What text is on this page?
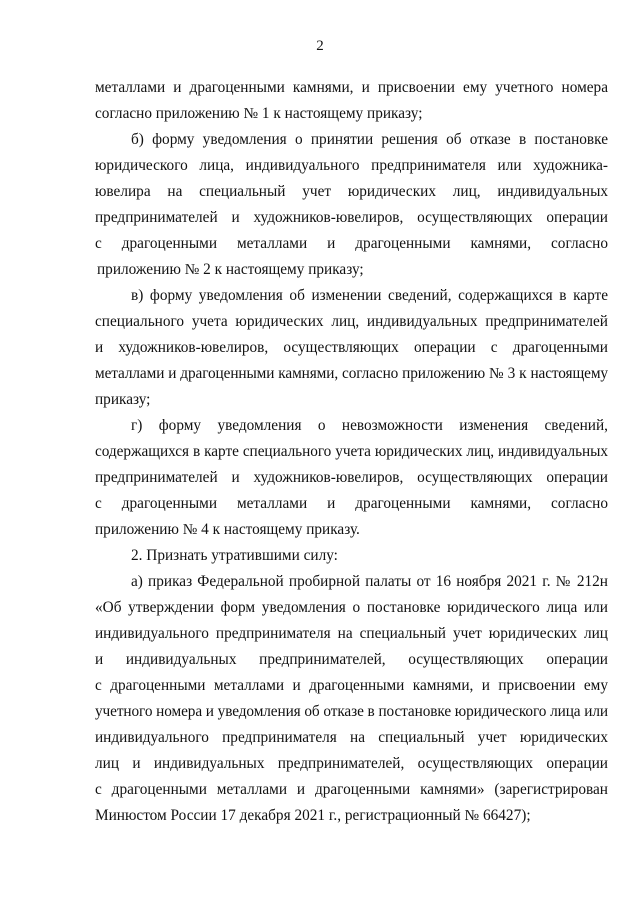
2
металлами и драгоценными камнями, и присвоении ему учетного номера
согласно приложению № 1 к настоящему приказу;
б) форму уведомления о принятии решения об отказе в постановке
юридического лица, индивидуального предпринимателя или художника-
ювелира на специальный учет юридических лиц, индивидуальных
предпринимателей и художников-ювелиров, осуществляющих операции
с драгоценными металлами и драгоценными камнями, согласно
приложению № 2 к настоящему приказу;
в) форму уведомления об изменении сведений, содержащихся в карте
специального учета юридических лиц, индивидуальных предпринимателей
и художников-ювелиров, осуществляющих операции с драгоценными
металлами и драгоценными камнями, согласно приложению № 3 к настоящему
приказу;
г) форму уведомления о невозможности изменения сведений,
содержащихся в карте специального учета юридических лиц, индивидуальных
предпринимателей и художников-ювелиров, осуществляющих операции
с драгоценными металлами и драгоценными камнями, согласно
приложению № 4 к настоящему приказу.
2. Признать утратившими силу:
а) приказ Федеральной пробирной палаты от 16 ноября 2021 г. № 212н
«Об утверждении форм уведомления о постановке юридического лица или
индивидуального предпринимателя на специальный учет юридических лиц
и индивидуальных предпринимателей, осуществляющих операции
с драгоценными металлами и драгоценными камнями, и присвоении ему
учетного номера и уведомления об отказе в постановке юридического лица или
индивидуального предпринимателя на специальный учет юридических
лиц и индивидуальных предпринимателей, осуществляющих операции
с драгоценными металлами и драгоценными камнями» (зарегистрирован
Минюстом России 17 декабря 2021 г., регистрационный № 66427);
